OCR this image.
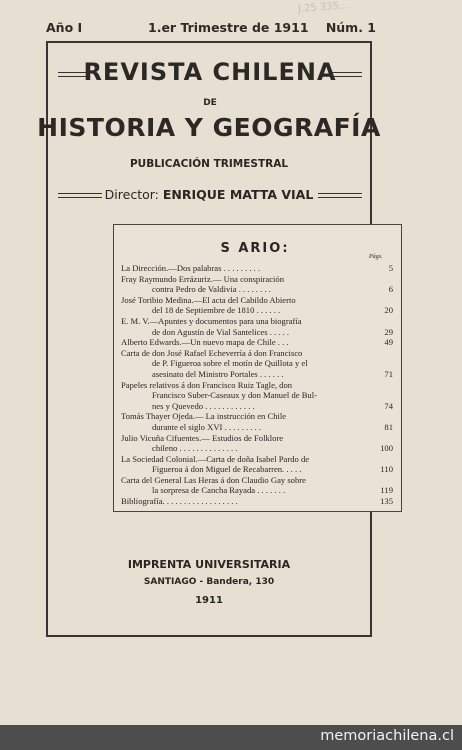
J.25 335...
Año I	1.er Trimestre de 1911 Núm. 1
REVISTA CHILENA
DE
HISTORIA Y GEOGRAFÍA
PUBLICACIÓN TRIMESTRAL
Director: ENRIQUE MATTA VIAL
S ARIO:
Págs.
La Dirección.—Dos palabras . . . . . . . . .	5
Fray Raymundo Errázuriz.— Una conspiración
contra Pedro de Valdivia . . . . . . . .	6
José Toribio Medina.—El acta del Cabildo Abierto
del 18 de Septiembre de 1810 . . . . . .	20
E. M. V.—Apuntes y documentos para una biografía
de don Agustín de Vial Santelices . . . . .	29
Alberto Edwards.—Un nuevo mapa de Chile . . .	49
Carta de don José Rafael Echeverría á don Francisco
de P. Figueroa sobre el motín de Quillota y el
asesinato del Ministro Portales . . . . . .	71
Papeles relativos á don Francisco Ruiz Tagle, don
Francisco Suber-Caseaux y don Manuel de Bul-
nes y Quevedo . . . . . . . . . . . .	74
Tomás Thayer Ojeda.— La instrucción en Chile
durante el siglo XVI . . . . . . . . .	81
Julio Vicuña Cifuentes.— Estudios de Folklore
chileno . . . . . . . . . . . . . .	100
La Sociedad Colonial.—Carta de doña Isabel Pardo de
Figueroa á don Miguel de Recabarren. . . . .	110
Carta del General Las Heras á don Claudio Gay sobre
la sorpresa de Cancha Rayada . . . . . . .	119
Bibliografía. . . . . . . . . . . . . . . . . .	135
IMPRENTA UNIVERSITARIA
SANTIAGO - Bandera, 130
1911
memoriachilena.cl
